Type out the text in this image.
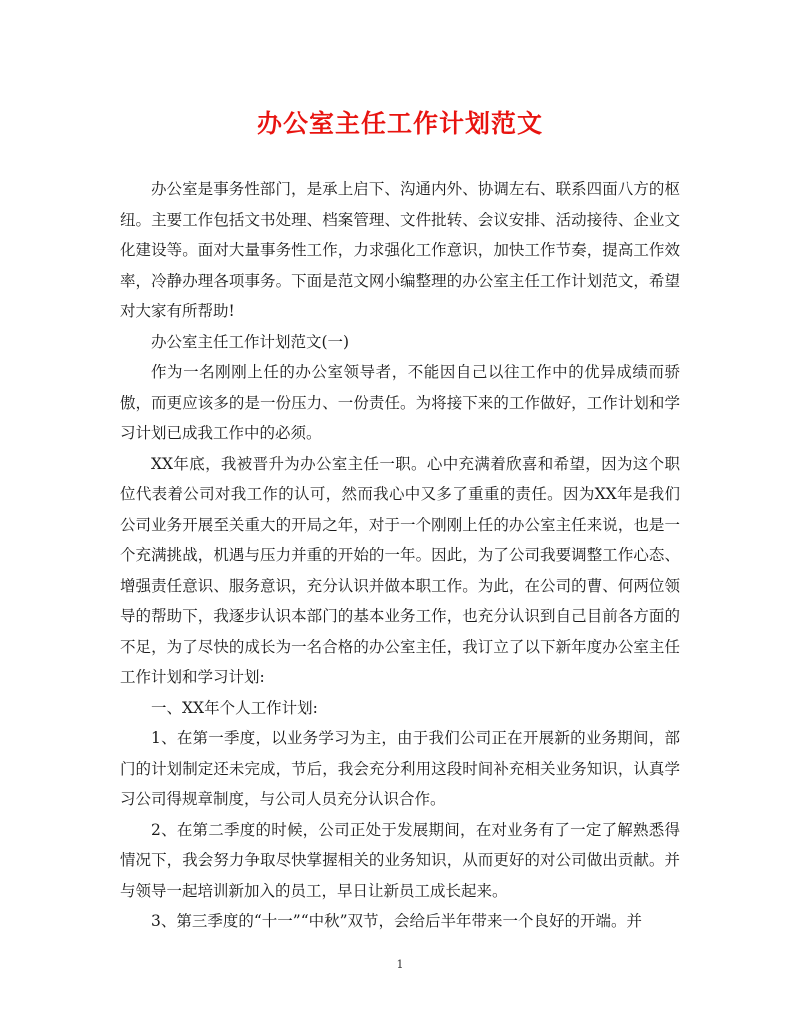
办公室主任工作计划范文

办公室是事务性部门，是承上启下、沟通内外、协调左右、联系四面八方的枢纽。主要工作包括文书处理、档案管理、文件批转、会议安排、活动接待、企业文化建设等。面对大量事务性工作，力求强化工作意识，加快工作节奏，提高工作效率，冷静办理各项事务。下面是范文网小编整理的办公室主任工作计划范文，希望对大家有所帮助!

办公室主任工作计划范文(一)

作为一名刚刚上任的办公室领导者，不能因自己以往工作中的优异成绩而骄傲，而更应该多的是一份压力、一份责任。为将接下来的工作做好，工作计划和学习计划已成我工作中的必须。

XX年底，我被晋升为办公室主任一职。心中充满着欣喜和希望，因为这个职位代表着公司对我工作的认可，然而我心中又多了重重的责任。因为XX年是我们公司业务开展至关重大的开局之年，对于一个刚刚上任的办公室主任来说，也是一个充满挑战，机遇与压力并重的开始的一年。因此，为了公司我要调整工作心态、增强责任意识、服务意识，充分认识并做本职工作。为此，在公司的曹、何两位领导的帮助下，我逐步认识本部门的基本业务工作，也充分认识到自己目前各方面的不足，为了尽快的成长为一名合格的办公室主任，我订立了以下新年度办公室主任工作计划和学习计划:

一、XX年个人工作计划:

1、在第一季度，以业务学习为主，由于我们公司正在开展新的业务期间，部门的计划制定还未完成，节后，我会充分利用这段时间补充相关业务知识，认真学习公司得规章制度，与公司人员充分认识合作。

2、在第二季度的时候，公司正处于发展期间，在对业务有了一定了解熟悉得情况下，我会努力争取尽快掌握相关的业务知识，从而更好的对公司做出贡献。并与领导一起培训新加入的员工，早日让新员工成长起来。

3、第三季度的“十一”“中秋”双节，会给后半年带来一个良好的开端。并

1
